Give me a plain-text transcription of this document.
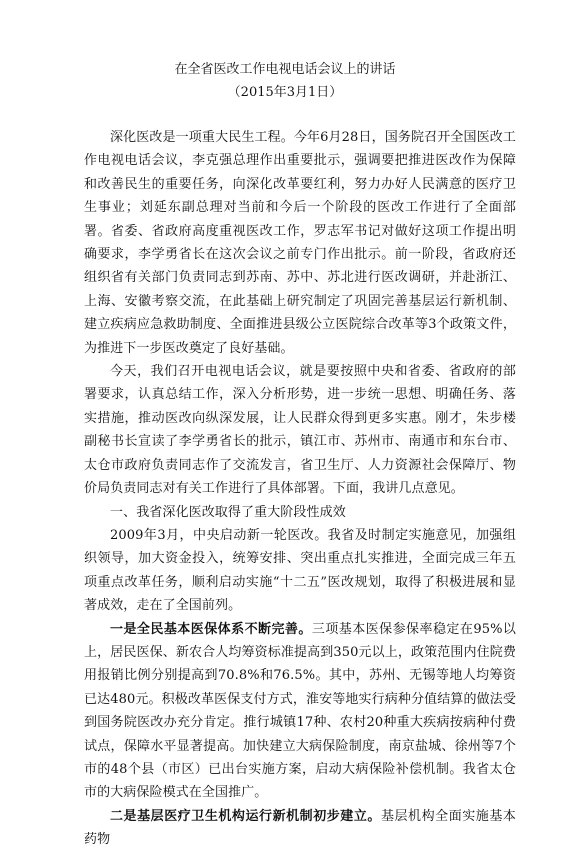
在全省医改工作电视电话会议上的讲话
（2015年3月1日）

深化医改是一项重大民生工程。今年6月28日，国务院召开全国医改工作电视电话会议，李克强总理作出重要批示，强调要把推进医改作为保障和改善民生的重要任务，向深化改革要红利，努力办好人民满意的医疗卫生事业；刘延东副总理对当前和今后一个阶段的医改工作进行了全面部署。省委、省政府高度重视医改工作，罗志军书记对做好这项工作提出明确要求，李学勇省长在这次会议之前专门作出批示。前一阶段，省政府还组织省有关部门负责同志到苏南、苏中、苏北进行医改调研，并赴浙江、上海、安徽考察交流，在此基础上研究制定了巩固完善基层运行新机制、建立疾病应急救助制度、全面推进县级公立医院综合改革等3个政策文件，为推进下一步医改奠定了良好基础。

今天，我们召开电视电话会议，就是要按照中央和省委、省政府的部署要求，认真总结工作，深入分析形势，进一步统一思想、明确任务、落实措施，推动医改向纵深发展，让人民群众得到更多实惠。刚才，朱步楼副秘书长宣读了李学勇省长的批示，镇江市、苏州市、南通市和东台市、太仓市政府负责同志作了交流发言，省卫生厅、人力资源社会保障厅、物价局负责同志对有关工作进行了具体部署。下面，我讲几点意见。

一、我省深化医改取得了重大阶段性成效

2009年3月，中央启动新一轮医改。我省及时制定实施意见，加强组织领导，加大资金投入，统筹安排、突出重点扎实推进，全面完成三年五项重点改革任务，顺利启动实施“十二五”医改规划，取得了积极进展和显著成效，走在了全国前列。

一是全民基本医保体系不断完善。三项基本医保参保率稳定在95%以上，居民医保、新农合人均筹资标准提高到350元以上，政策范围内住院费用报销比例分别提高到70.8%和76.5%。其中，苏州、无锡等地人均筹资已达480元。积极改革医保支付方式，淮安等地实行病种分值结算的做法受到国务院医改办充分肯定。推行城镇17种、农村20种重大疾病按病种付费试点，保障水平显著提高。加快建立大病保险制度，南京盐城、徐州等7个市的48个县（市区）已出台实施方案，启动大病保险补偿机制。我省太仓市的大病保险模式在全国推广。

二是基层医疗卫生机构运行新机制初步建立。基层机构全面实施基本药物
